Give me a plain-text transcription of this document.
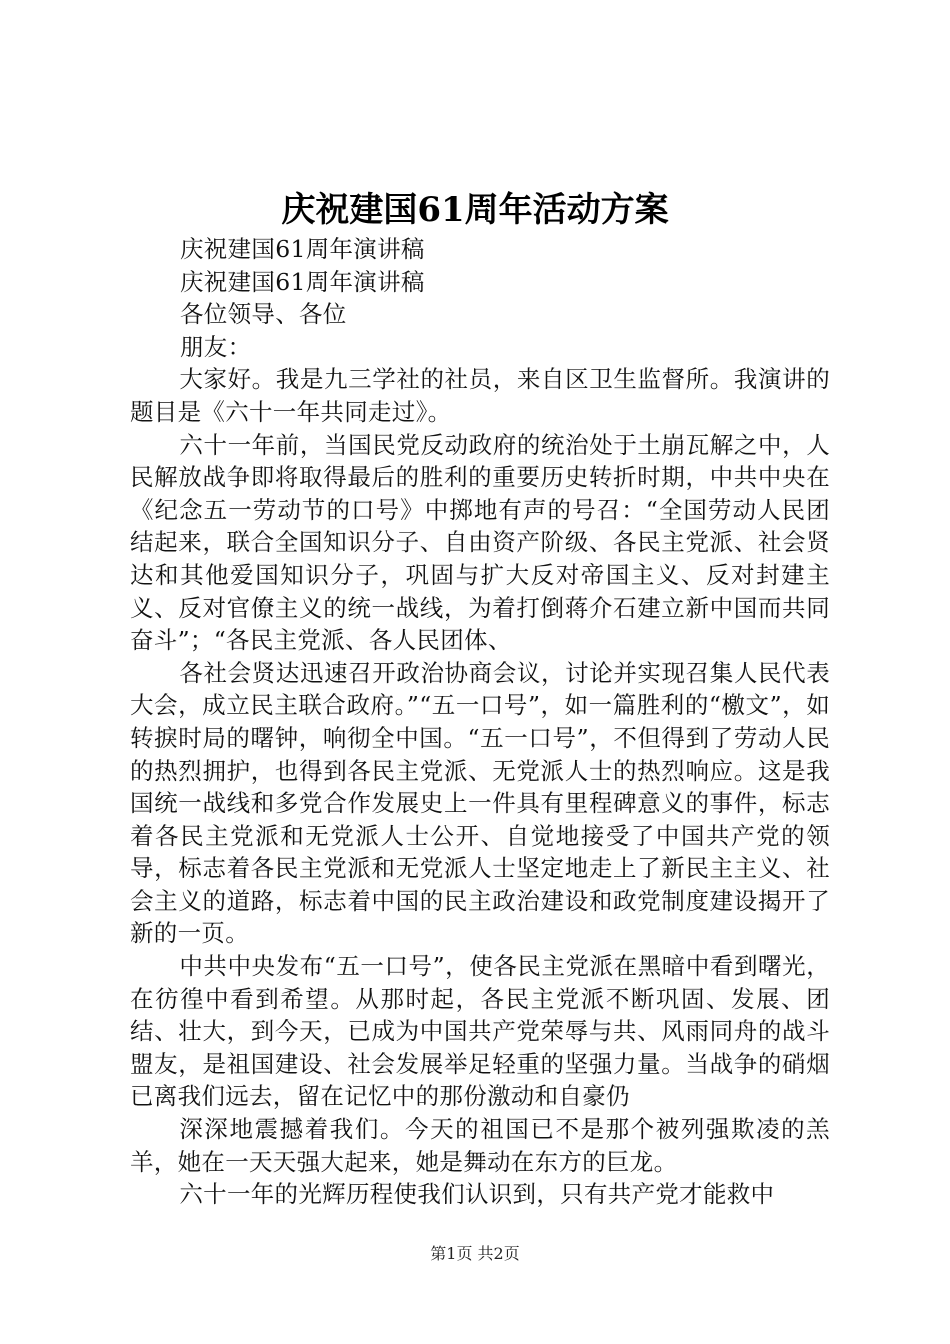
庆祝建国61周年活动方案

庆祝建国61周年演讲稿

庆祝建国61周年演讲稿

各位领导、各位

朋友：

大家好。我是九三学社的社员，来自区卫生监督所。我演讲的题目是《六十一年共同走过》。

六十一年前，当国民党反动政府的统治处于土崩瓦解之中，人民解放战争即将取得最后的胜利的重要历史转折时期，中共中央在《纪念五一劳动节的口号》中掷地有声的号召：“全国劳动人民团结起来，联合全国知识分子、自由资产阶级、各民主党派、社会贤达和其他爱国知识分子，巩固与扩大反对帝国主义、反对封建主义、反对官僚主义的统一战线，为着打倒蒋介石建立新中国而共同奋斗”；“各民主党派、各人民团体、

各社会贤达迅速召开政治协商会议，讨论并实现召集人民代表大会，成立民主联合政府。”“五一口号”，如一篇胜利的“檄文”，如转捩时局的曙钟，响彻全中国。“五一口号”，不但得到了劳动人民的热烈拥护，也得到各民主党派、无党派人士的热烈响应。这是我国统一战线和多党合作发展史上一件具有里程碑意义的事件，标志着各民主党派和无党派人士公开、自觉地接受了中国共产党的领导，标志着各民主党派和无党派人士坚定地走上了新民主主义、社会主义的道路，标志着中国的民主政治建设和政党制度建设揭开了新的一页。

中共中央发布“五一口号”，使各民主党派在黑暗中看到曙光，在彷徨中看到希望。从那时起，各民主党派不断巩固、发展、团结、壮大，到今天，已成为中国共产党荣辱与共、风雨同舟的战斗盟友，是祖国建设、社会发展举足轻重的坚强力量。当战争的硝烟已离我们远去，留在记忆中的那份激动和自豪仍

深深地震撼着我们。今天的祖国已不是那个被列强欺凌的羔羊，她在一天天强大起来，她是舞动在东方的巨龙。

六十一年的光辉历程使我们认识到，只有共产党才能救中

第1页 共2页
